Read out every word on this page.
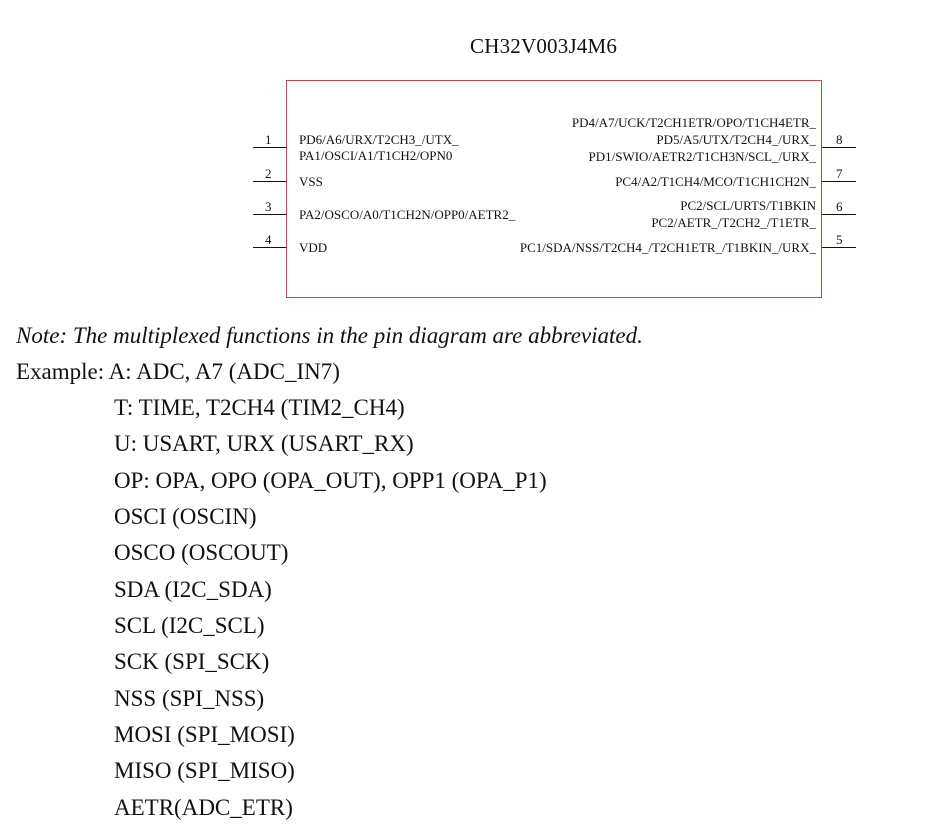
CH32V003J4M6
1 PD6/A6/URX/T2CH3_/UTX_
PA1/OSCI/A1/T1CH2/OPN0
2
VSS
3
PA2/OSCO/A0/T1CH2N/OPP0/AETR2_
4
VDD
8
PD4/A7/UCK/T2CH1ETR/OPO/T1CH4ETR_
PD5/A5/UTX/T2CH4_/URX_
PD1/SWIO/AETR2/T1CH3N/SCL_/URX_
7
PC4/A2/T1CH4/MCO/T1CH1CH2N_
6
PC2/SCL/URTS/T1BKIN
PC2/AETR_/T2CH2_/T1ETR_
5
PC1/SDA/NSS/T2CH4_/T2CH1ETR_/T1BKIN_/URX_
Note: The multiplexed functions in the pin diagram are abbreviated.
Example: A: ADC, A7 (ADC_IN7)
T: TIME, T2CH4 (TIM2_CH4)
U: USART, URX (USART_RX)
OP: OPA, OPO (OPA_OUT), OPP1 (OPA_P1)
OSCI (OSCIN)
OSCO (OSCOUT)
SDA (I2C_SDA)
SCL (I2C_SCL)
SCK (SPI_SCK)
NSS (SPI_NSS)
MOSI (SPI_MOSI)
MISO (SPI_MISO)
AETR(ADC_ETR)
